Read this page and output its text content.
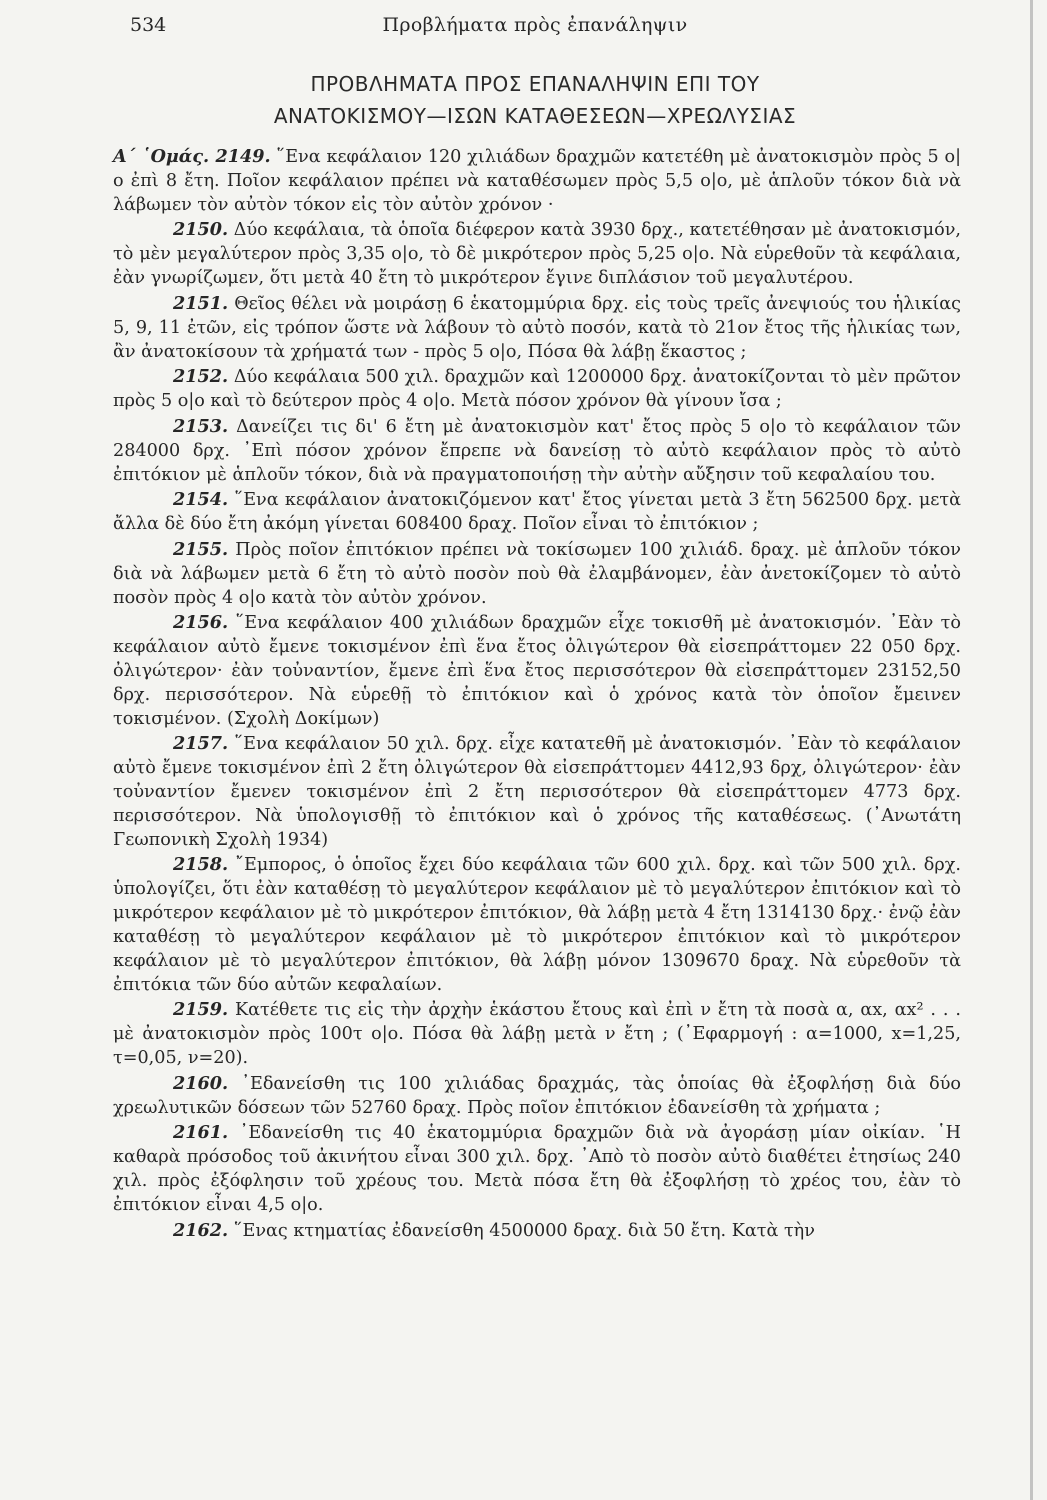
534	Προβλήματα πρὸς ἐπανάληψιν
ΠΡΟΒΛΗΜΑΤΑ ΠΡΟΣ ΕΠΑΝΑΛΗΨΙΝ ΕΠΙ ΤΟΥ
ΑΝΑΤΟΚΙΣΜΟΥ—ΙΣΩΝ ΚΑΤΑΘΕΣΕΩΝ—ΧΡΕΩΛΥΣΙΑΣ

Α΄ ῾Ομάς. 2149. ῞Ενα κεφάλαιον 120 χιλιάδων δραχμῶν κατετέθη μὲ ἀνατοκισμὸν πρὸς 5 ο|ο ἐπὶ 8 ἔτη. Ποῖον κεφάλαιον πρέπει νὰ καταθέσωμεν πρὸς 5,5 ο|ο, μὲ ἁπλοῦν τόκον διὰ νὰ λάβωμεν τὸν αὐτὸν τόκον εἰς τὸν αὐτὸν χρόνον ·

2150. Δύο κεφάλαια, τὰ ὁποῖα διέφερον κατὰ 3930 δρχ., κατετέθησαν μὲ ἀνατοκισμόν, τὸ μὲν μεγαλύτερον πρὸς 3,35 ο|ο, τὸ δὲ μικρότερον πρὸς 5,25 ο|ο. Νὰ εὑρεθοῦν τὰ κεφάλαια, ἐὰν γνωρίζωμεν, ὅτι μετὰ 40 ἔτη τὸ μικρότερον ἔγινε διπλάσιον τοῦ μεγαλυτέρου.

2151. Θεῖος θέλει νὰ μοιράσῃ 6 ἑκατομμύρια δρχ. εἰς τοὺς τρεῖς ἀνεψιούς του ἡλικίας 5, 9, 11 ἐτῶν, εἰς τρόπον ὥστε νὰ λάβουν τὸ αὐτὸ ποσόν, κατὰ τὸ 21ον ἔτος τῆς ἡλικίας των, ἂν ἀνατοκίσουν τὰ χρήματά των - πρὸς 5 ο|ο, Πόσα θὰ λάβῃ ἕκαστος ;

2152. Δύο κεφάλαια 500 χιλ. δραχμῶν καὶ 1200000 δρχ. ἀνατοκίζονται τὸ μὲν πρῶτον πρὸς 5 ο|ο καὶ τὸ δεύτερον πρὸς 4 ο|ο. Μετὰ πόσον χρόνον θὰ γίνουν ἴσα ;

2153. Δανείζει τις δι' 6 ἔτη μὲ ἀνατοκισμὸν κατ' ἔτος πρὸς 5 ο|ο τὸ κεφάλαιον τῶν 284000 δρχ. ᾿Επὶ πόσον χρόνον ἔπρεπε νὰ δανείσῃ τὸ αὐτὸ κεφάλαιον πρὸς τὸ αὐτὸ ἐπιτόκιον μὲ ἁπλοῦν τόκον, διὰ νὰ πραγματοποιήσῃ τὴν αὐτὴν αὔξησιν τοῦ κεφαλαίου του.

2154. ῞Ενα κεφάλαιον ἀνατοκιζόμενον κατ' ἔτος γίνεται μετὰ 3 ἔτη 562500 δρχ. μετὰ ἄλλα δὲ δύο ἔτη ἀκόμη γίνεται 608400 δραχ. Ποῖον εἶναι τὸ ἐπιτόκιον ;

2155. Πρὸς ποῖον ἐπιτόκιον πρέπει νὰ τοκίσωμεν 100 χιλιάδ. δραχ. μὲ ἁπλοῦν τόκον διὰ νὰ λάβωμεν μετὰ 6 ἔτη τὸ αὐτὸ ποσὸν ποὺ θὰ ἐλαμβάνομεν, ἐὰν ἀνετοκίζομεν τὸ αὐτὸ ποσὸν πρὸς 4 ο|ο κατὰ τὸν αὐτὸν χρόνον.

2156. ῞Ενα κεφάλαιον 400 χιλιάδων δραχμῶν εἶχε τοκισθῆ μὲ ἀνατοκισμόν. ᾿Εὰν τὸ κεφάλαιον αὐτὸ ἔμενε τοκισμένον ἐπὶ ἕνα ἔτος ὀλιγώτερον θὰ εἰσεπράττομεν 22 050 δρχ. ὀλιγώτερον· ἐὰν τοὐναντίον, ἔμενε ἐπὶ ἕνα ἔτος περισσότερον θὰ εἰσεπράττομεν 23152,50 δρχ. περισσότερον. Νὰ εὑρεθῇ τὸ ἐπιτόκιον καὶ ὁ χρόνος κατὰ τὸν ὁποῖον ἔμεινεν τοκισμένον. (Σχολὴ Δοκίμων)

2157. ῞Ενα κεφάλαιον 50 χιλ. δρχ. εἶχε κατατεθῆ μὲ ἀνατοκισμόν. ᾿Εὰν τὸ κεφάλαιον αὐτὸ ἔμενε τοκισμένον ἐπὶ 2 ἔτη ὀλιγώτερον θὰ εἰσεπράττομεν 4412,93 δρχ, ὀλιγώτερον· ἐὰν τοὐναντίον ἔμενεν τοκισμένον ἐπὶ 2 ἔτη περισσότερον θὰ εἰσεπράττομεν 4773 δρχ. περισσότερον. Νὰ ὑπολογισθῇ τὸ ἐπιτόκιον καὶ ὁ χρόνος τῆς καταθέσεως. (᾿Ανωτάτη Γεωπονικὴ Σχολὴ 1934)

2158. ῎Εμπορος, ὁ ὁποῖος ἔχει δύο κεφάλαια τῶν 600 χιλ. δρχ. καὶ τῶν 500 χιλ. δρχ. ὑπολογίζει, ὅτι ἐὰν καταθέσῃ τὸ μεγαλύτερον κεφάλαιον μὲ τὸ μεγαλύτερον ἐπιτόκιον καὶ τὸ μικρότερον κεφάλαιον μὲ τὸ μικρότερον ἐπιτόκιον, θὰ λάβῃ μετὰ 4 ἔτη 1314130 δρχ.· ἐνῷ ἐὰν καταθέσῃ τὸ μεγαλύτερον κεφάλαιον μὲ τὸ μικρότερον ἐπιτόκιον καὶ τὸ μικρότερον κεφάλαιον μὲ τὸ μεγαλύτερον ἐπιτόκιον, θὰ λάβῃ μόνον 1309670 δραχ. Νὰ εὑρεθοῦν τὰ ἐπιτόκια τῶν δύο αὐτῶν κεφαλαίων.

2159. Κατέθετε τις εἰς τὴν ἀρχὴν ἑκάστου ἔτους καὶ ἐπὶ ν ἔτη τὰ ποσὰ α, αx, αx² . . . μὲ ἀνατοκισμὸν πρὸς 100τ ο|ο. Πόσα θὰ λάβῃ μετὰ ν ἔτη ; (᾿Εφαρμογή : α=1000, x=1,25, τ=0,05, ν=20).

2160. ᾿Εδανείσθη τις 100 χιλιάδας δραχμάς, τὰς ὁποίας θὰ ἐξοφλήσῃ διὰ δύο χρεωλυτικῶν δόσεων τῶν 52760 δραχ. Πρὸς ποῖον ἐπιτόκιον ἐδανείσθη τὰ χρήματα ;

2161. ᾿Εδανείσθη τις 40 ἑκατομμύρια δραχμῶν διὰ νὰ ἀγοράσῃ μίαν οἰκίαν. ῾Η καθαρὰ πρόσοδος τοῦ ἀκινήτου εἶναι 300 χιλ. δρχ. ᾿Απὸ τὸ ποσὸν αὐτὸ διαθέτει ἐτησίως 240 χιλ. πρὸς ἐξόφλησιν τοῦ χρέους του. Μετὰ πόσα ἔτη θὰ ἐξοφλήσῃ τὸ χρέος του, ἐὰν τὸ ἐπιτόκιον εἶναι 4,5 ο|ο.

2162. ῞Ενας κτηματίας ἐδανείσθη 4500000 δραχ. διὰ 50 ἔτη. Κατὰ τὴν
